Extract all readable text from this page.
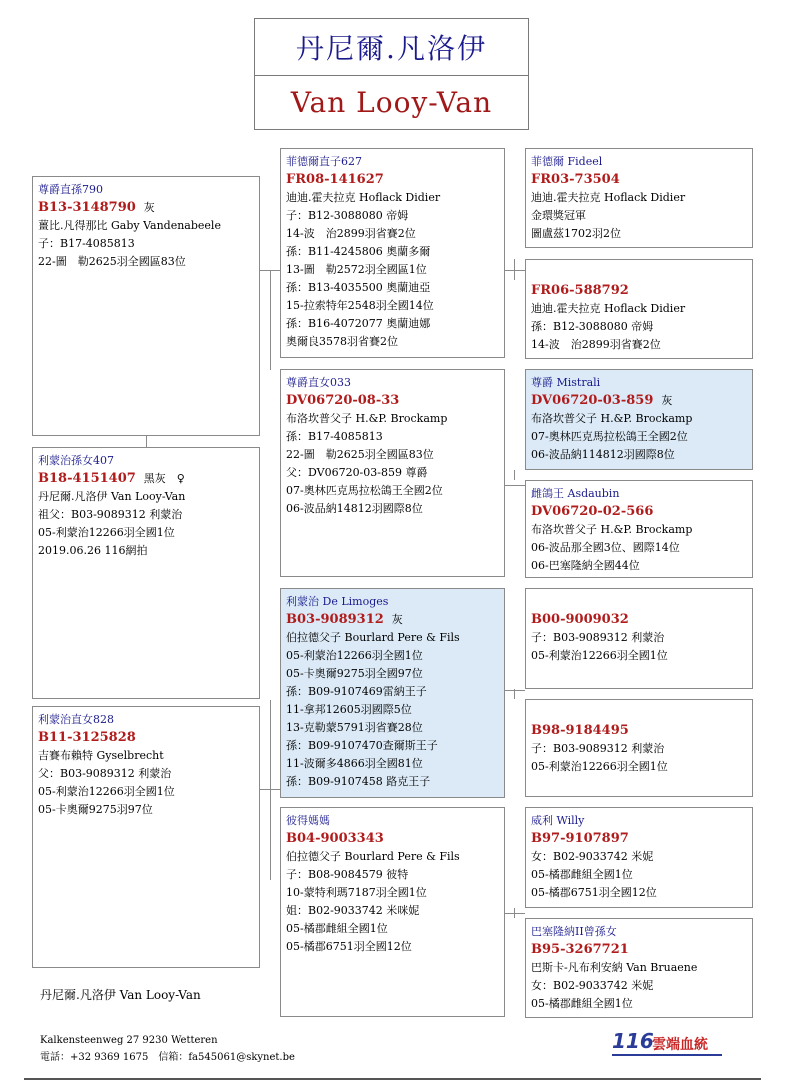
丹尼爾.凡洛伊
Van Looy-Van
尊爵直孫790
B13-3148790 灰
薑比.凡得那比 Gaby Vandenabeele
子：B17-4085813
22-圖　勒2625羽全國區83位
利蒙治孫女407
B18-4151407 黑灰　♀
丹尼爾.凡洛伊 Van Looy-Van
祖父：B03-9089312 利蒙治
05-利蒙治12266羽全國1位
2019.06.26 116網拍
利蒙治直女828
B11-3125828
吉賽布賴特 Gyselbrecht
父：B03-9089312 利蒙治
05-利蒙治12266羽全國1位
05-卡奧爾9275羽97位
菲德爾直子627
FR08-141627
迪迪.霍夫拉克 Hoflack Didier
子：B12-3088080 帝姆
14-波　治2899羽省賽2位
孫：B11-4245806 奧蘭多爾
13-圖　勒2572羽全國區1位
孫：B13-4035500 奧蘭迪亞
15-拉索特年2548羽全國14位
孫：B16-4072077 奧蘭迪娜
奧爾良3578羽省賽2位
尊爵直女033
DV06720-08-33
布洛坎普父子 H.&P. Brockamp
孫：B17-4085813
22-圖　勒2625羽全國區83位
父：DV06720-03-859 尊爵
07-奧林匹克馬拉松鴿王全國2位
06-波品納14812羽國際8位
利蒙治 De Limoges
B03-9089312 灰
伯拉德父子 Bourlard Pere & Fils
05-利蒙治12266羽全國1位
05-卡奧爾9275羽全國97位
孫：B09-9107469雷納王子
11-拿邦12605羽國際5位
13-克勒蒙5791羽省賽28位
孫：B09-9107470查爾斯王子
11-波爾多4866羽全國81位
孫：B09-9107458 路克王子
彼得媽媽
B04-9003343
伯拉德父子 Bourlard Pere & Fils
子：B08-9084579 彼特
10-蒙特利瑪7187羽全國1位
姐：B02-9033742 米咪妮
05-橘郡雌組全國1位
05-橘郡6751羽全國12位
菲德爾 Fideel
FR03-73504
迪迪.霍夫拉克 Hoflack Didier
金環獎冠軍
圖盧茲1702羽2位
FR06-588792
迪迪.霍夫拉克 Hoflack Didier
孫：B12-3088080 帝姆
14-波　治2899羽省賽2位
尊爵 Mistrali
DV06720-03-859 灰
布洛坎普父子 H.&P. Brockamp
07-奧林匹克馬拉松鴿王全國2位
06-波品納114812羽國際8位
雌鴿王 Asdaubin
DV06720-02-566
布洛坎普父子 H.&P. Brockamp
06-波品那全國3位、國際14位
06-巴塞隆納全國44位
B00-9009032
子：B03-9089312 利蒙治
05-利蒙治12266羽全國1位
B98-9184495
子：B03-9089312 利蒙治
05-利蒙治12266羽全國1位
威利 Willy
B97-9107897
女：B02-9033742 米妮
05-橘郡雌組全國1位
05-橘郡6751羽全國12位
巴塞隆納II曾孫女
B95-3267721
巴斯卡-凡布利安納 Van Bruaene
女：B02-9033742 米妮
05-橘郡雌組全國1位
丹尼爾.凡洛伊 Van Looy-Van
Kalkensteenweg 27 9230 Wetteren
電話：+32 9369 1675　信箱：fa545061@skynet.be
116
雲端血統
